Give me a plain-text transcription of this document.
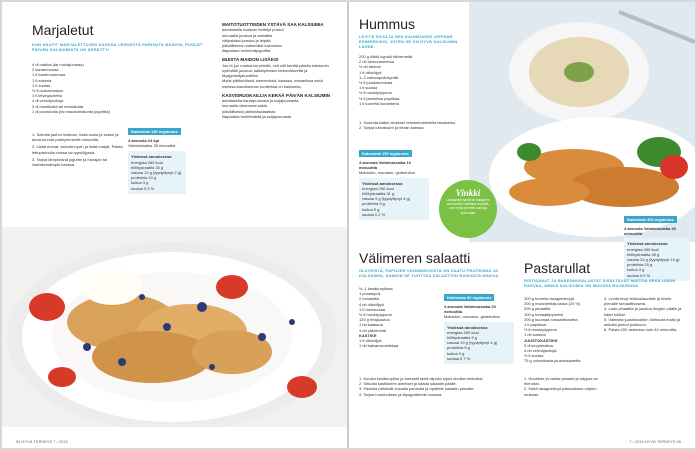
Marjaletut
KUN HAUTIT MARJALETTUJEN KANSSA LEHDESTÄ PARHAITA MAIDON, PUOLET PÄIVÄN KALSIUMISTA ON KERÄTTY!
4 dl maitoa (tai ruokajuomaa)
2 kananmunaa
1 tl kardemummaa
1 tl sokeria
1 tl suolaa
½ tl ruokasoodaa
1 tl leivinjauhetta
4 dl vehnäjauhoja
3 dl mustikoita tai mansikoita
1 dl puolukoita (tai maustamatonta jogurttia)
1. Sekoita jauhot maitoon, lisää suola ja sokeri ja anna turvota parikymmentä minuuttia.
2. Lisää munat, sekoita hyvin ja lisää marjat. Paista lettupannulla voissa tai rypsiöljyssä.
3. Tarjoa lämpimänä jogurtin ja hunajan tai vaahterasiirapin kanssa.
Kalsiumia 150 mg/annos
4 annosta 24 kpl
Valmistusaika 35 minuuttia
Yhdessä annoksessa
energiaa 280 kcal
hiilihydraattia 30 g
rasvaa 12 g (tyydyttynyt 2 g)
proteiinia 10 g
kuitua 3 g
suolaa 0,3 %
MAITOTUOTTEIDEN YSTÄVÄ SAA KALSIUMIA
aamiaisella maitoon keitetyt puurot
lounaalla juustoa ja salaattia
välipalaksi juustoa ja leipää
päivälliseksi maitotölkki kokonaan
iltapalaksi hedelmäjogurttia
MUISTA MAIDON LISÄKSI
Jos et juo maitoa tai piimää, voit silti kerätä päivän kalsiumin syömällä juustoa, kalkkipitoista kivennäisvettä ja täysjyväviljatuotteita.
Myös pähkinöissä, siemenissä, kalassa, mantelissa sekä useissa kasvikunnan tuotteissa on kalsiumia.
KASVISRUOKAILIJA KERÄÄ PÄIVÄN KALSIUMIN
aamiaisella kaurapuurosta ja soijajuomasta
lounaalla vihannesruoista
päivälliseksi pähkinäsalaatista
iltapalaksi hedelmästä ja soijajuomasta
54 HYVÄ TERVEYS 7 / 2013
Hummus
LEVITÄ SIVULTA SEN KAUNEUDEN LEIPÄÄN ESIMERKIKSI, JOTEN SE ON HYVÄ KALSIUMIN LÄHDE.
200 g tölkki kypsiä kikherneitä
2 rkl sitruunamehua
½ rkl tahinia
1 tl oliiviöljyä
1–2 valkosipulinkynttä
½ tl juustokuminaa
1 tl suolaa
½ tl mustapippuria
½ tl jauhettua paprikaa
1 tl tuoretta korianteria
1. Soseuta kaikki ainekset tehosekoittimella tasaiseksi.
2. Tarjoa kasviksien ja leivän kanssa.
Kalsiumia 150 mg/annos
4 annosta Valmistusaika 10 minuuttia
Maidoton, munaton, gluteeniton
Yhdessä annoksessa
energiaa 250 kcal
hiilihydraattia 31 g
rasvaa 9 g (tyydyttynyt 4 g)
proteiinia 9 g
kuitua 9 g
suolaa 0,2 %
Vinkki
Lasagnelevyistä tai lasagnen varmuuden tulleista levyistä, voit myös pienten kaivoja kokonaan
Kalsiumia 400 mg/annos
4 annosta Valmistusaika 40 minuuttia
Yhdessä annoksessa
energiaa 490 kcal
hiilihydraattia 45 g
rasvaa 24 g (tyydyttynyt 10 g)
proteiinia 25 g
kuitua 3 g
suolaa 0,5 %
Välimeren salaatti
OLIIVEISTA, PAPUJEN VIHANNEKSISTA ON SAATU PROTEIINIA JA KALSIUMIA, SAMOIN SE TUOTTAA SALAATTIIN RAIKASTA MAKUA.
½–1 kesäkurpitsaa
1 punasipuli
2 tomaattia
4 rkl oliiviöljyä
1 tl merisuolaa
½ tl mustapippuria
120 g fetajuustoa
1 rkl kaakaoa
4 rkl pähkinöitä
KASTIKE
1 tl oliiviöljyä
1 rkl balsamicoetikkaa
1. Kuutioi kesäkurpitsa ja tomaatit sekä viipaloi sipuli ohuiksi renkaiksi.
2. Sekoita kastikkeen ainekset ja kaada salaatin päälle.
3. Paahda pähkinät kuivalla pannulla ja ripottele salaatin pinnalle.
4. Tarjoa hummuksen ja täysjyväleivän kanssa.
Kalsiumia 60 mg/annos
4 annosta Valmistusaika 20 minuuttia
Maidoton, munaton, gluteeniton
Yhdessä annoksessa
energiaa 250 kcal
hiilihydraattia 9 g
rasvaa 19 g (tyydyttynyt 4 g)
proteiinia 9 g
kuitua 3 g
suolaa 0,7 %
Pastarullat
RISTISANAT JA RAKENNUSALUSTAT SISÄLTÄVÄT MAITOA SEKÄ USEIN RASVAA, MINKÄ KALSIUMIA ON MUUSSA RUOKIENSA.
200 g tuoreita lasagnelevyjä
200 g mozzarellajuustoa (24 %)
200 g pinaattia
100 g tomaattipyreetä
200 g kuumaa tomaattisosetta
1 tl paprikaa
½ tl mustapippuria
1 rkl sokeria
JUUSTOKASTIKE
5 dl kevytmaitoa
4 rkl vehnäjauhoja
½ tl suolaa
75 g voimakasta juustoraastetta
1. Huuhtele ja valuta pinaatti ja silppua se hienoksi.
2. Keitä lasagnelevyt pakkauksen ohjeen mukaan.
3. Levitä levyt leikkuulaudalle ja sivele pinnalle tomaattisoseta.
4. Lado pinaattia ja juustoa levyjen päälle ja kääri rulliksi.
5. Valmista juustokastike: kiehauta maito ja sekoita jauhot joukkoon.
6. Paista 200 asteessa noin 40 minuuttia.
7 / 2013 HYVÄ TERVEYS 55
